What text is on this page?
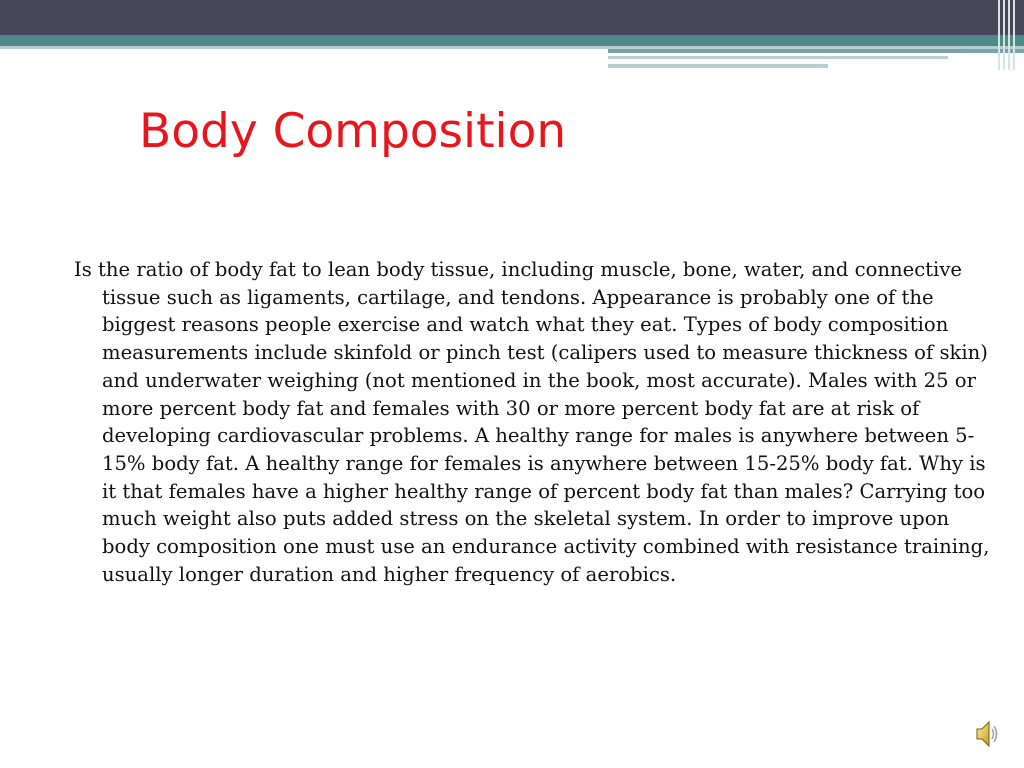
Body Composition

Is the ratio of body fat to lean body tissue, including muscle, bone, water, and connective tissue such as ligaments, cartilage, and tendons. Appearance is probably one of the biggest reasons people exercise and watch what they eat. Types of body composition measurements include skinfold or pinch test (calipers used to measure thickness of skin) and underwater weighing (not mentioned in the book, most accurate). Males with 25 or more percent body fat and females with 30 or more percent body fat are at risk of developing cardiovascular problems. A healthy range for males is anywhere between 5-15% body fat. A healthy range for females is anywhere between 15-25% body fat. Why is it that females have a higher healthy range of percent body fat than males? Carrying too much weight also puts added stress on the skeletal system. In order to improve upon body composition one must use an endurance activity combined with resistance training, usually longer duration and higher frequency of aerobics.
